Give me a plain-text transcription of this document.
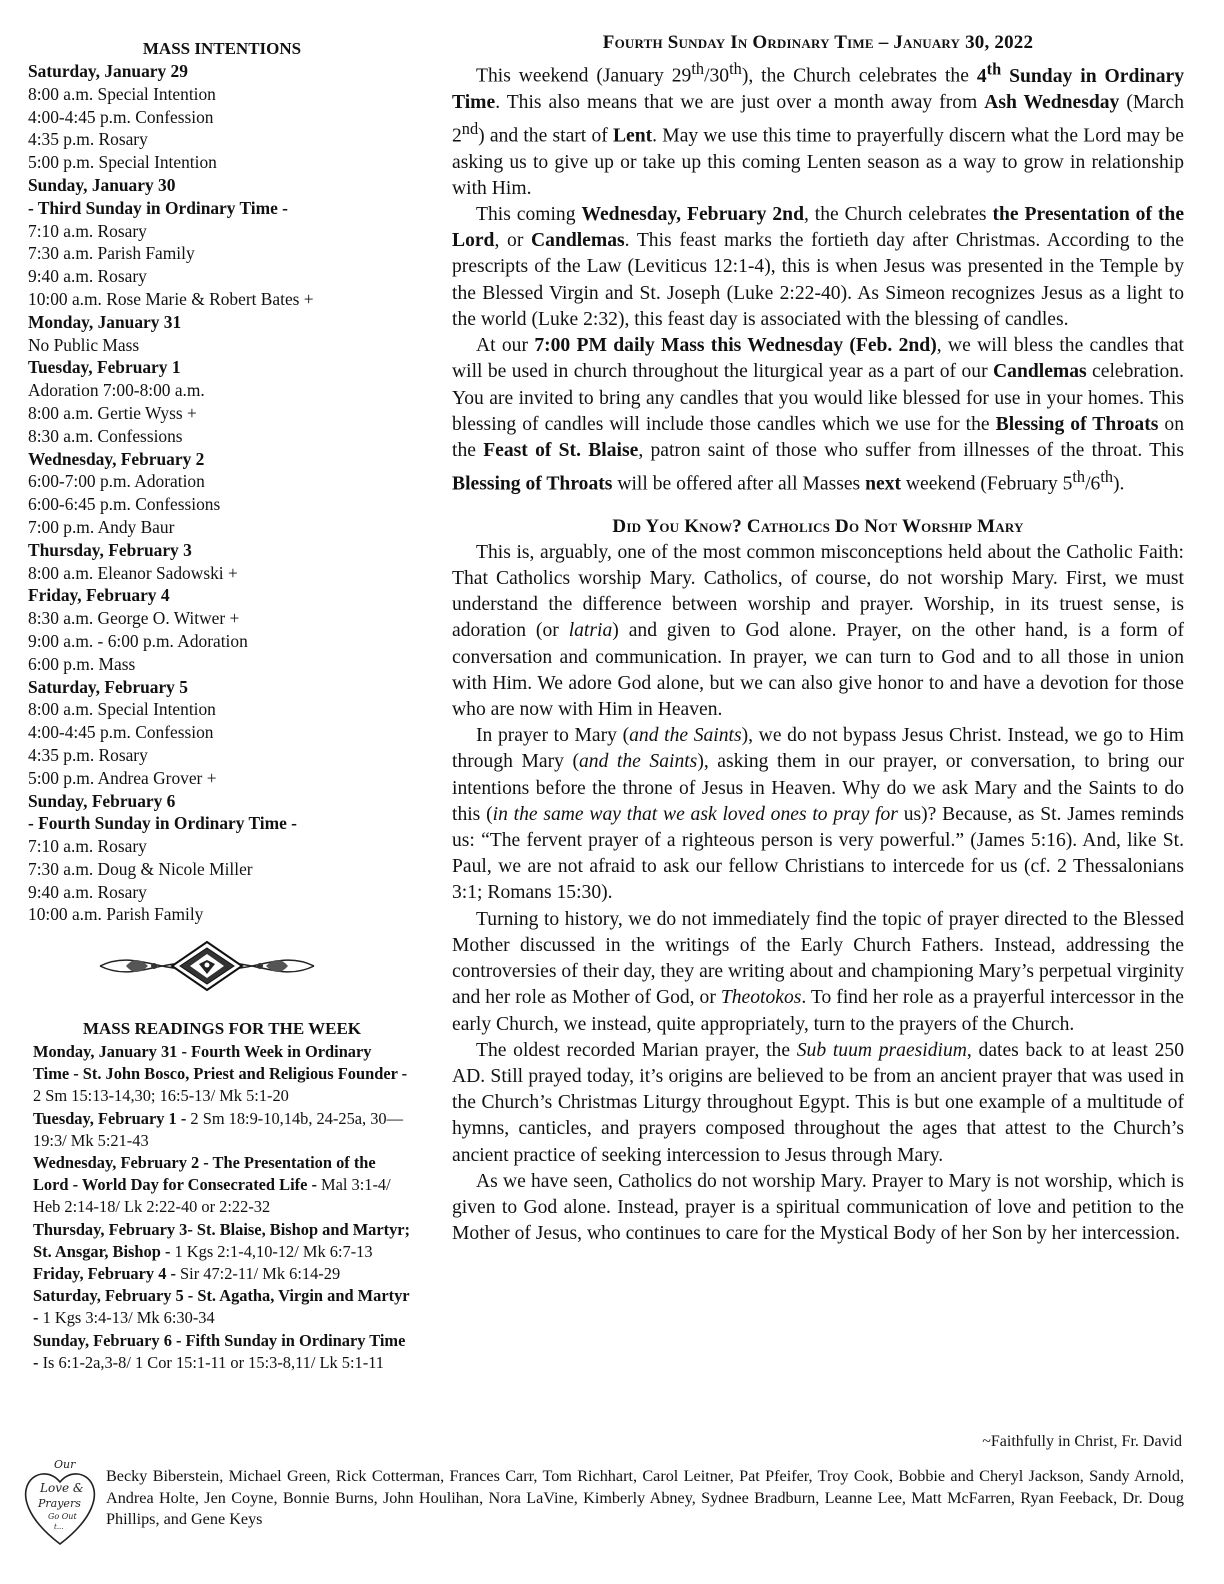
MASS INTENTIONS
Saturday, January 29
8:00 a.m. Special Intention
4:00-4:45 p.m. Confession
4:35 p.m. Rosary
5:00 p.m. Special Intention
Sunday, January 30
- Third Sunday in Ordinary Time -
7:10 a.m. Rosary
7:30 a.m. Parish Family
9:40 a.m. Rosary
10:00 a.m. Rose Marie & Robert Bates +
Monday, January 31
No Public Mass
Tuesday, February 1
Adoration 7:00-8:00 a.m.
8:00 a.m. Gertie Wyss +
8:30 a.m. Confessions
Wednesday, February 2
6:00-7:00 p.m. Adoration
6:00-6:45 p.m. Confessions
7:00 p.m. Andy Baur
Thursday, February 3
8:00 a.m. Eleanor Sadowski +
Friday, February 4
8:30 a.m. George O. Witwer +
9:00 a.m. - 6:00 p.m. Adoration
6:00 p.m. Mass
Saturday, February 5
8:00 a.m. Special Intention
4:00-4:45 p.m. Confession
4:35 p.m. Rosary
5:00 p.m. Andrea Grover +
Sunday, February 6
- Fourth Sunday in Ordinary Time -
7:10 a.m. Rosary
7:30 a.m. Doug & Nicole Miller
9:40 a.m. Rosary
10:00 a.m. Parish Family
MASS READINGS FOR THE WEEK
Monday, January 31 - Fourth Week in Ordinary Time - St. John Bosco, Priest and Religious Founder - 2 Sm 15:13-14,30; 16:5-13/ Mk 5:1-20
Tuesday, February 1 - 2 Sm 18:9-10,14b, 24-25a, 30—19:3/ Mk 5:21-43
Wednesday, February 2 - The Presentation of the Lord - World Day for Consecrated Life - Mal 3:1-4/ Heb 2:14-18/ Lk 2:22-40 or 2:22-32
Thursday, February 3- St. Blaise, Bishop and Martyr; St. Ansgar, Bishop - 1 Kgs 2:1-4,10-12/ Mk 6:7-13
Friday, February 4 - Sir 47:2-11/ Mk 6:14-29
Saturday, February 5 - St. Agatha, Virgin and Martyr - 1 Kgs 3:4-13/ Mk 6:30-34
Sunday, February 6 - Fifth Sunday in Ordinary Time - Is 6:1-2a,3-8/ 1 Cor 15:1-11 or 15:3-8,11/ Lk 5:1-11
Fourth Sunday In Ordinary Time – January 30, 2022

This weekend (January 29th/30th), the Church celebrates the 4th Sunday in Ordinary Time. This also means that we are just over a month away from Ash Wednesday (March 2nd) and the start of Lent. May we use this time to prayerfully discern what the Lord may be asking us to give up or take up this coming Lenten season as a way to grow in relationship with Him.

This coming Wednesday, February 2nd, the Church celebrates the Presentation of the Lord, or Candlemas. This feast marks the fortieth day after Christmas. According to the prescripts of the Law (Leviticus 12:1-4), this is when Jesus was presented in the Temple by the Blessed Virgin and St. Joseph (Luke 2:22-40). As Simeon recognizes Jesus as a light to the world (Luke 2:32), this feast day is associated with the blessing of candles.

At our 7:00 PM daily Mass this Wednesday (Feb. 2nd), we will bless the candles that will be used in church throughout the liturgical year as a part of our Candlemas celebration. You are invited to bring any candles that you would like blessed for use in your homes. This blessing of candles will include those candles which we use for the Blessing of Throats on the Feast of St. Blaise, patron saint of those who suffer from illnesses of the throat. This Blessing of Throats will be offered after all Masses next weekend (February 5th/6th).

Did You Know? Catholics Do Not Worship Mary

This is, arguably, one of the most common misconceptions held about the Catholic Faith: That Catholics worship Mary. Catholics, of course, do not worship Mary. First, we must understand the difference between worship and prayer. Worship, in its truest sense, is adoration (or latria) and given to God alone. Prayer, on the other hand, is a form of conversation and communication. In prayer, we can turn to God and to all those in union with Him. We adore God alone, but we can also give honor to and have a devotion for those who are now with Him in Heaven.

In prayer to Mary (and the Saints), we do not bypass Jesus Christ. Instead, we go to Him through Mary (and the Saints), asking them in our prayer, or conversation, to bring our intentions before the throne of Jesus in Heaven. Why do we ask Mary and the Saints to do this (in the same way that we ask loved ones to pray for us)? Because, as St. James reminds us: “The fervent prayer of a righteous person is very powerful.” (James 5:16). And, like St. Paul, we are not afraid to ask our fellow Christians to intercede for us (cf. 2 Thessalonians 3:1; Romans 15:30).

Turning to history, we do not immediately find the topic of prayer directed to the Blessed Mother discussed in the writings of the Early Church Fathers. Instead, addressing the controversies of their day, they are writing about and championing Mary’s perpetual virginity and her role as Mother of God, or Theotokos. To find her role as a prayerful intercessor in the early Church, we instead, quite appropriately, turn to the prayers of the Church.

The oldest recorded Marian prayer, the Sub tuum praesidium, dates back to at least 250 AD. Still prayed today, it’s origins are believed to be from an ancient prayer that was used in the Church’s Christmas Liturgy throughout Egypt. This is but one example of a multitude of hymns, canticles, and prayers composed throughout the ages that attest to the Church’s ancient practice of seeking intercession to Jesus through Mary.

As we have seen, Catholics do not worship Mary. Prayer to Mary is not worship, which is given to God alone. Instead, prayer is a spiritual communication of love and petition to the Mother of Jesus, who continues to care for the Mystical Body of her Son by her intercession.

~Faithfully in Christ, Fr. David
Our
Love &
Prayers
Go Out
t...
Becky Biberstein, Michael Green, Rick Cotterman, Frances Carr, Tom Richhart, Carol Leitner, Pat Pfeifer, Troy Cook, Bobbie and Cheryl Jackson, Sandy Arnold, Andrea Holte, Jen Coyne, Bonnie Burns, John Houlihan, Nora LaVine, Kimberly Abney, Sydnee Bradburn, Leanne Lee, Matt McFarren, Ryan Feeback, Dr. Doug Phillips, and Gene Keys
